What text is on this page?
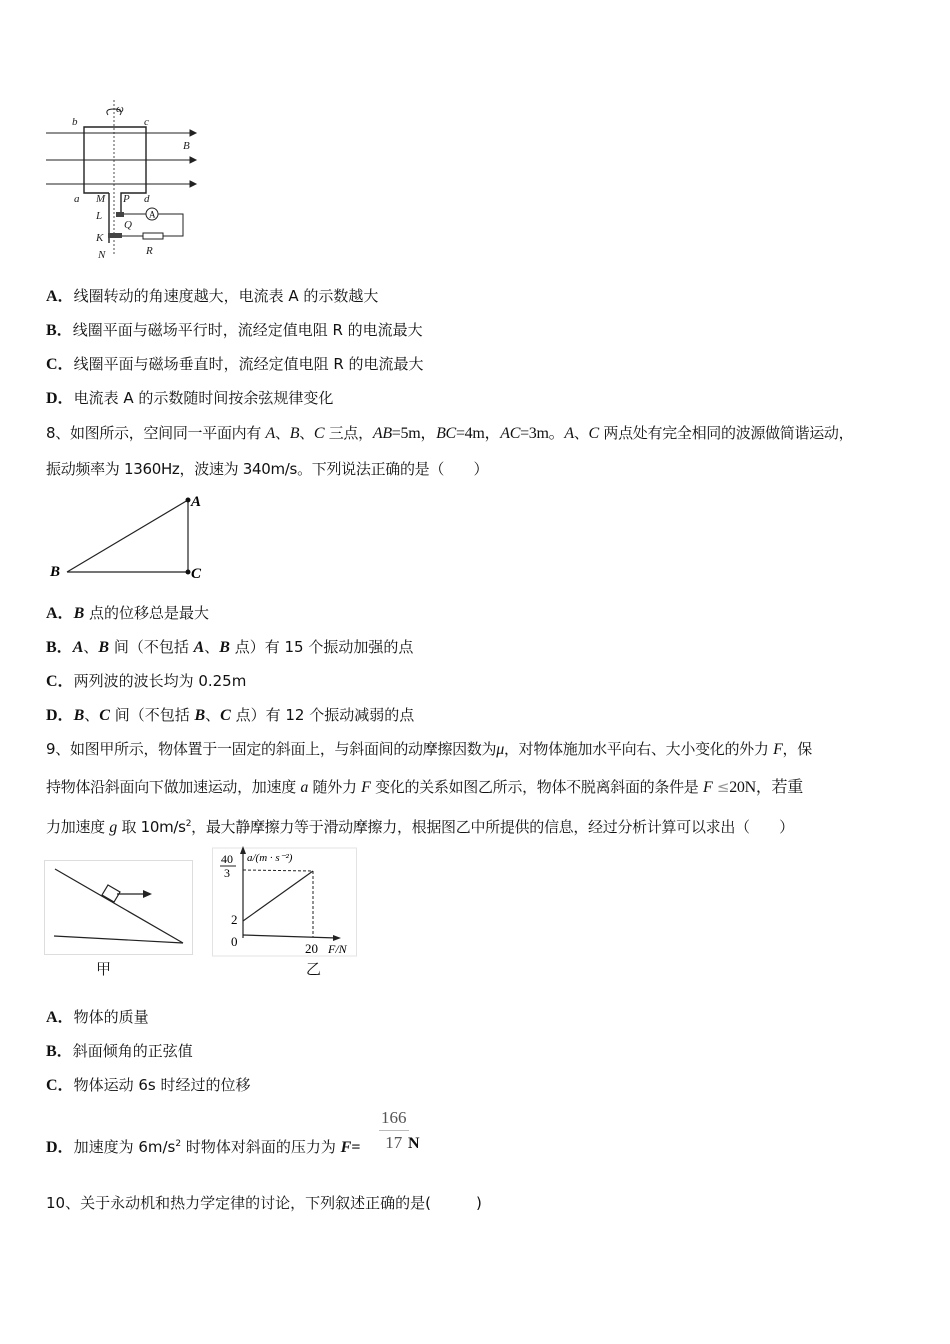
A
ω
b	c
B
a M P d
L
Q
K
N	R
A．线圈转动的角速度越大，电流表 A 的示数越大
B．线圈平面与磁场平行时，流经定值电阻 R 的电流最大
C．线圈平面与磁场垂直时，流经定值电阻 R 的电流最大
D．电流表 A 的示数随时间按余弦规律变化
8、如图所示，空间同一平面内有 A、B、C 三点，AB=5m，BC=4m，AC=3m。A、C 两点处有完全相同的波源做简谐运动，
振动频率为 1360Hz，波速为 340m/s。下列说法正确的是（　　）
A
B	C
A．B 点的位移总是最大
B．A、B 间（不包括 A、B 点）有 15 个振动加强的点
C．两列波的波长均为 0.25m
D．B、C 间（不包括 B、C 点）有 12 个振动减弱的点
9、如图甲所示，物体置于一固定的斜面上，与斜面间的动摩擦因数为μ，对物体施加水平向右、大小变化的外力 F，保
持物体沿斜面向下做加速运动，加速度 a 随外力 F 变化的关系如图乙所示，物体不脱离斜面的条件是 F ≤20N，若重
力加速度 g 取 $10m/s^2$，最大静摩擦力等于滑动摩擦力，根据图乙中所提供的信息，经过分析计算可以求出（　　）
甲
40
3
a/(m · s⁻²)
2
0	20 F/N
乙
A．物体的质量
B．斜面倾角的正弦值
C．物体运动 6s 时经过的位移
D．加速度为 $6m/s^2$ 时物体对斜面的压力为 $F= \frac{166}{17}$ N
10、关于永动机和热力学定律的讨论，下列叙述正确的是(　　　)
